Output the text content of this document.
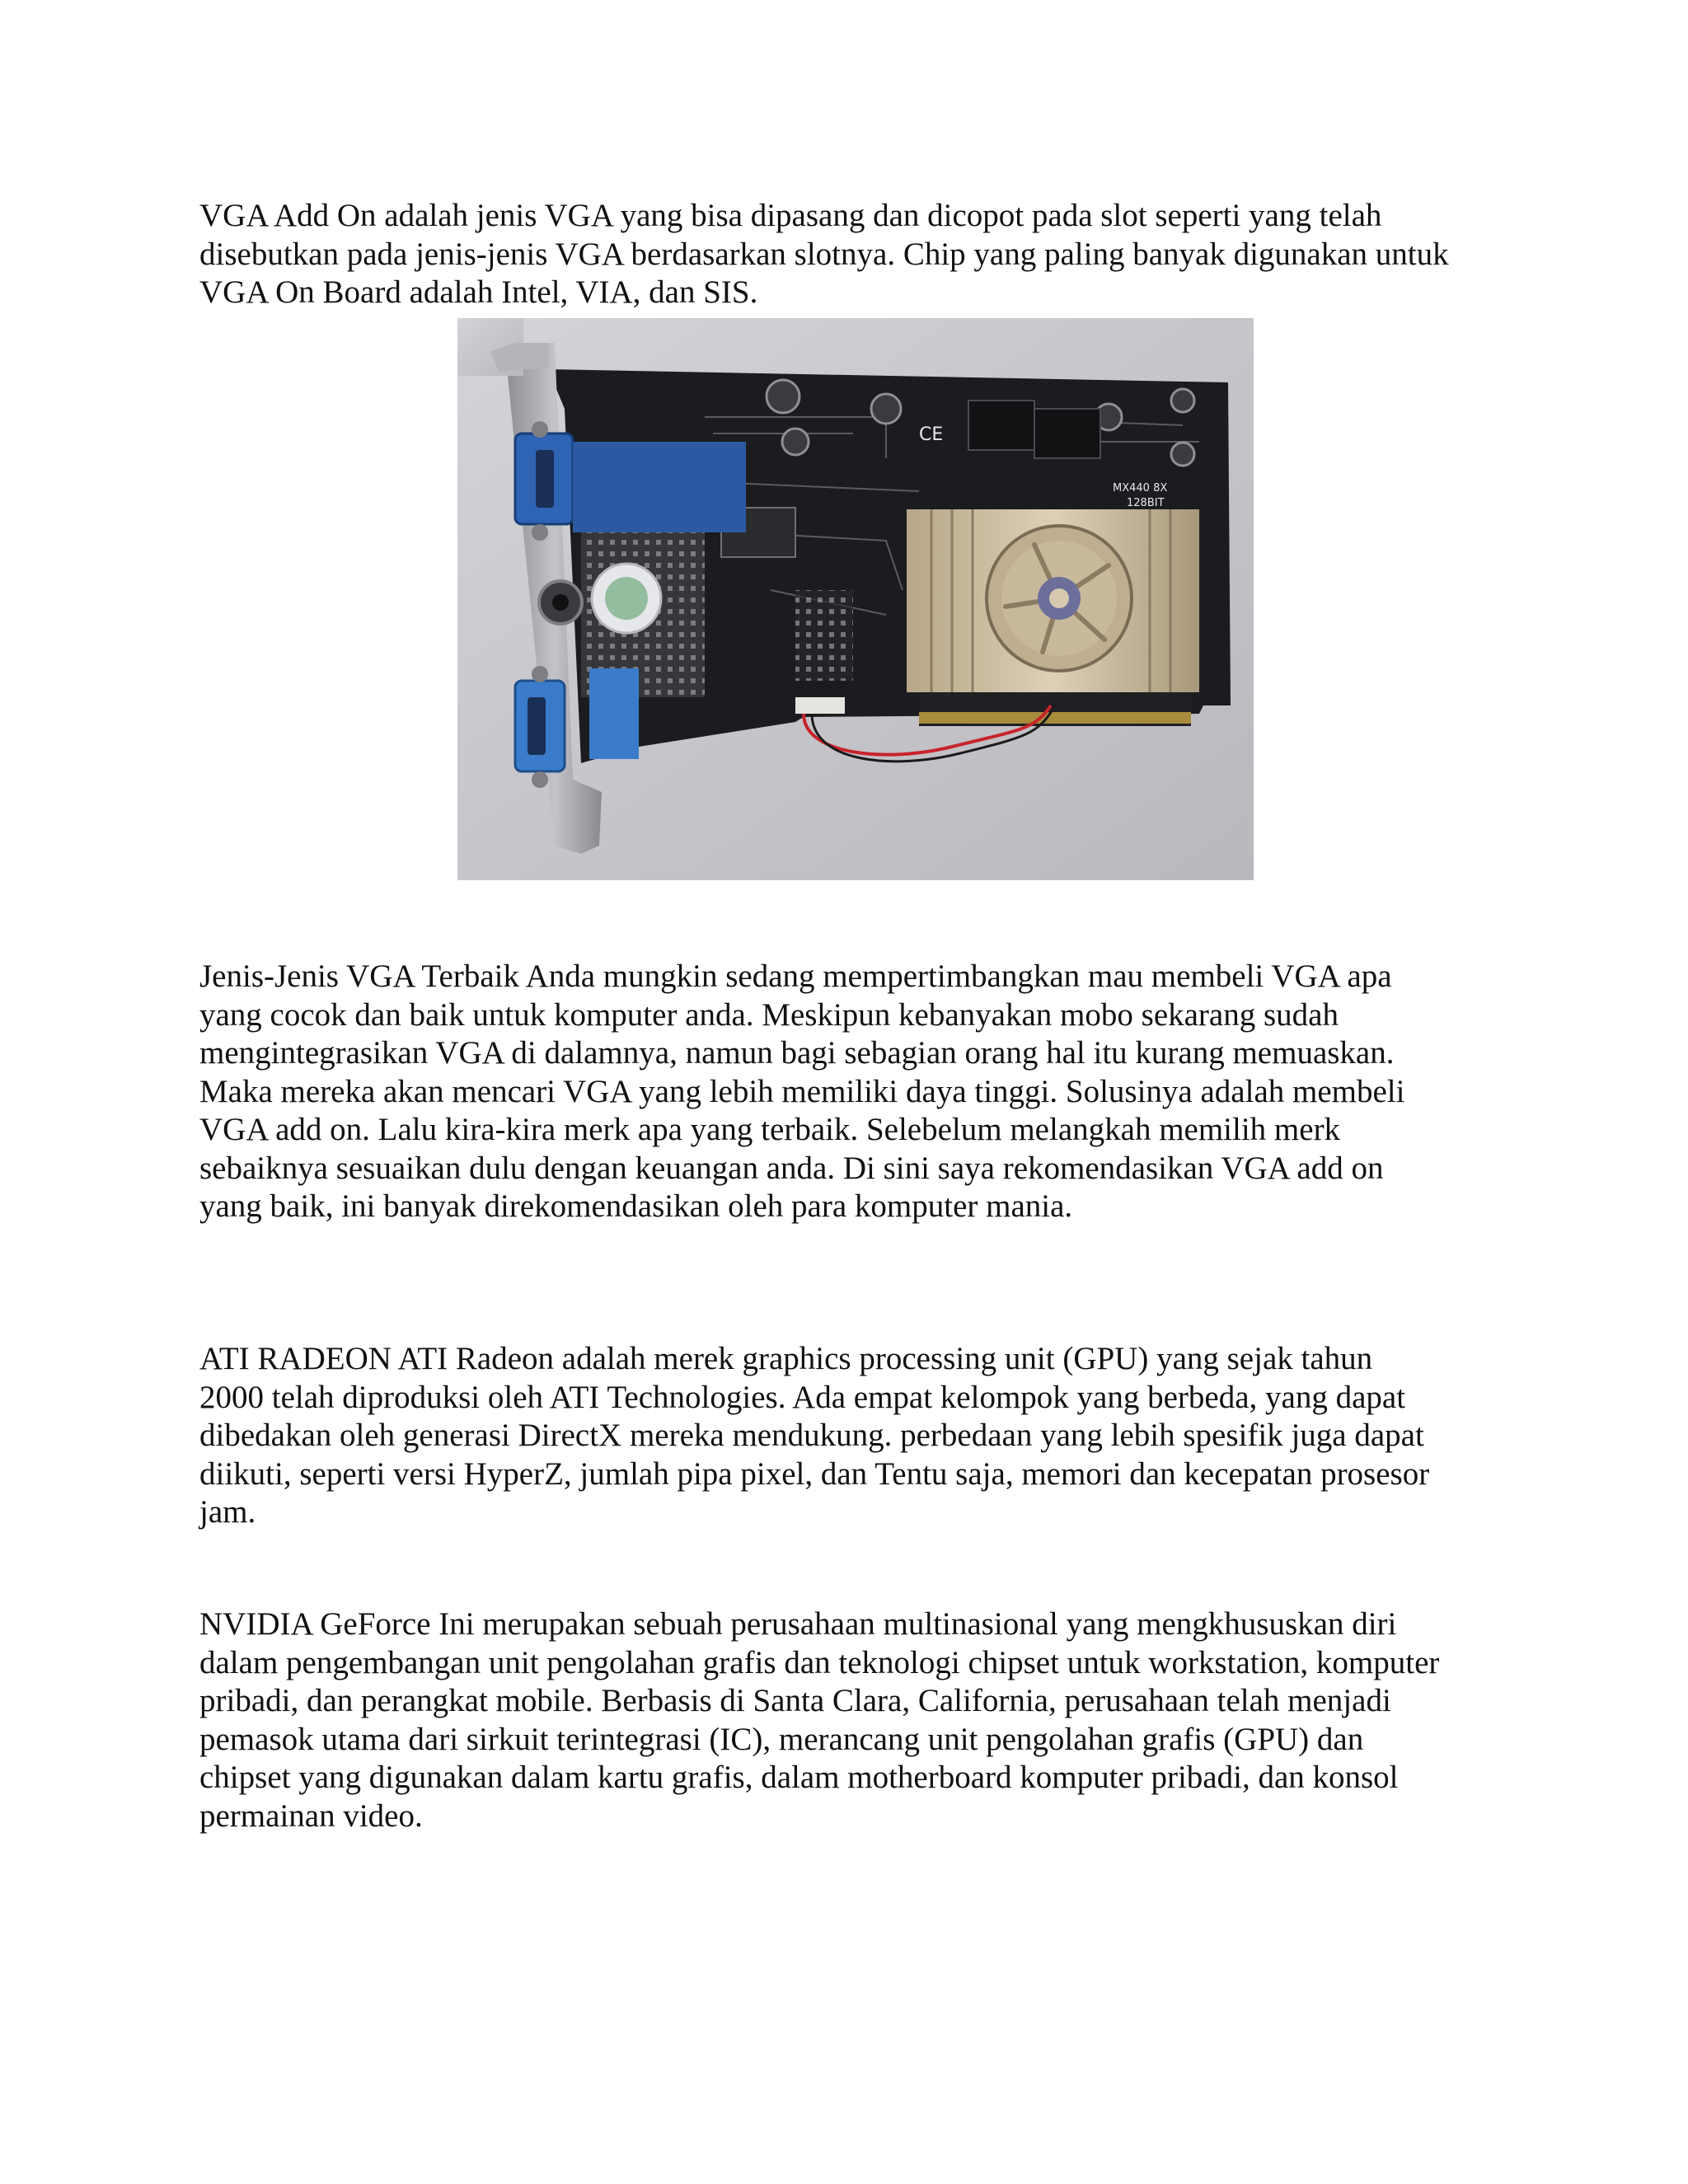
VGA Add On adalah jenis VGA yang bisa dipasang dan dicopot pada slot seperti yang telah
disebutkan pada jenis-jenis VGA berdasarkan slotnya. Chip yang paling banyak digunakan untuk
VGA On Board adalah Intel, VIA, dan SIS.

CE
MX440 8X
128BIT

Jenis-Jenis VGA Terbaik Anda mungkin sedang mempertimbangkan mau membeli VGA apa
yang cocok dan baik untuk komputer anda. Meskipun kebanyakan mobo sekarang sudah
mengintegrasikan VGA di dalamnya, namun bagi sebagian orang hal itu kurang memuaskan.
Maka mereka akan mencari VGA yang lebih memiliki daya tinggi. Solusinya adalah membeli
VGA add on. Lalu kira-kira merk apa yang terbaik. Selebelum melangkah memilih merk
sebaiknya sesuaikan dulu dengan keuangan anda. Di sini saya rekomendasikan VGA add on
yang baik, ini banyak direkomendasikan oleh para komputer mania.

ATI RADEON ATI Radeon adalah merek graphics processing unit (GPU) yang sejak tahun
2000 telah diproduksi oleh ATI Technologies. Ada empat kelompok yang berbeda, yang dapat
dibedakan oleh generasi DirectX mereka mendukung. perbedaan yang lebih spesifik juga dapat
diikuti, seperti versi HyperZ, jumlah pipa pixel, dan Tentu saja, memori dan kecepatan prosesor
jam.

NVIDIA GeForce Ini merupakan sebuah perusahaan multinasional yang mengkhususkan diri
dalam pengembangan unit pengolahan grafis dan teknologi chipset untuk workstation, komputer
pribadi, dan perangkat mobile. Berbasis di Santa Clara, California, perusahaan telah menjadi
pemasok utama dari sirkuit terintegrasi (IC), merancang unit pengolahan grafis (GPU) dan
chipset yang digunakan dalam kartu grafis, dalam motherboard komputer pribadi, dan konsol
permainan video.
